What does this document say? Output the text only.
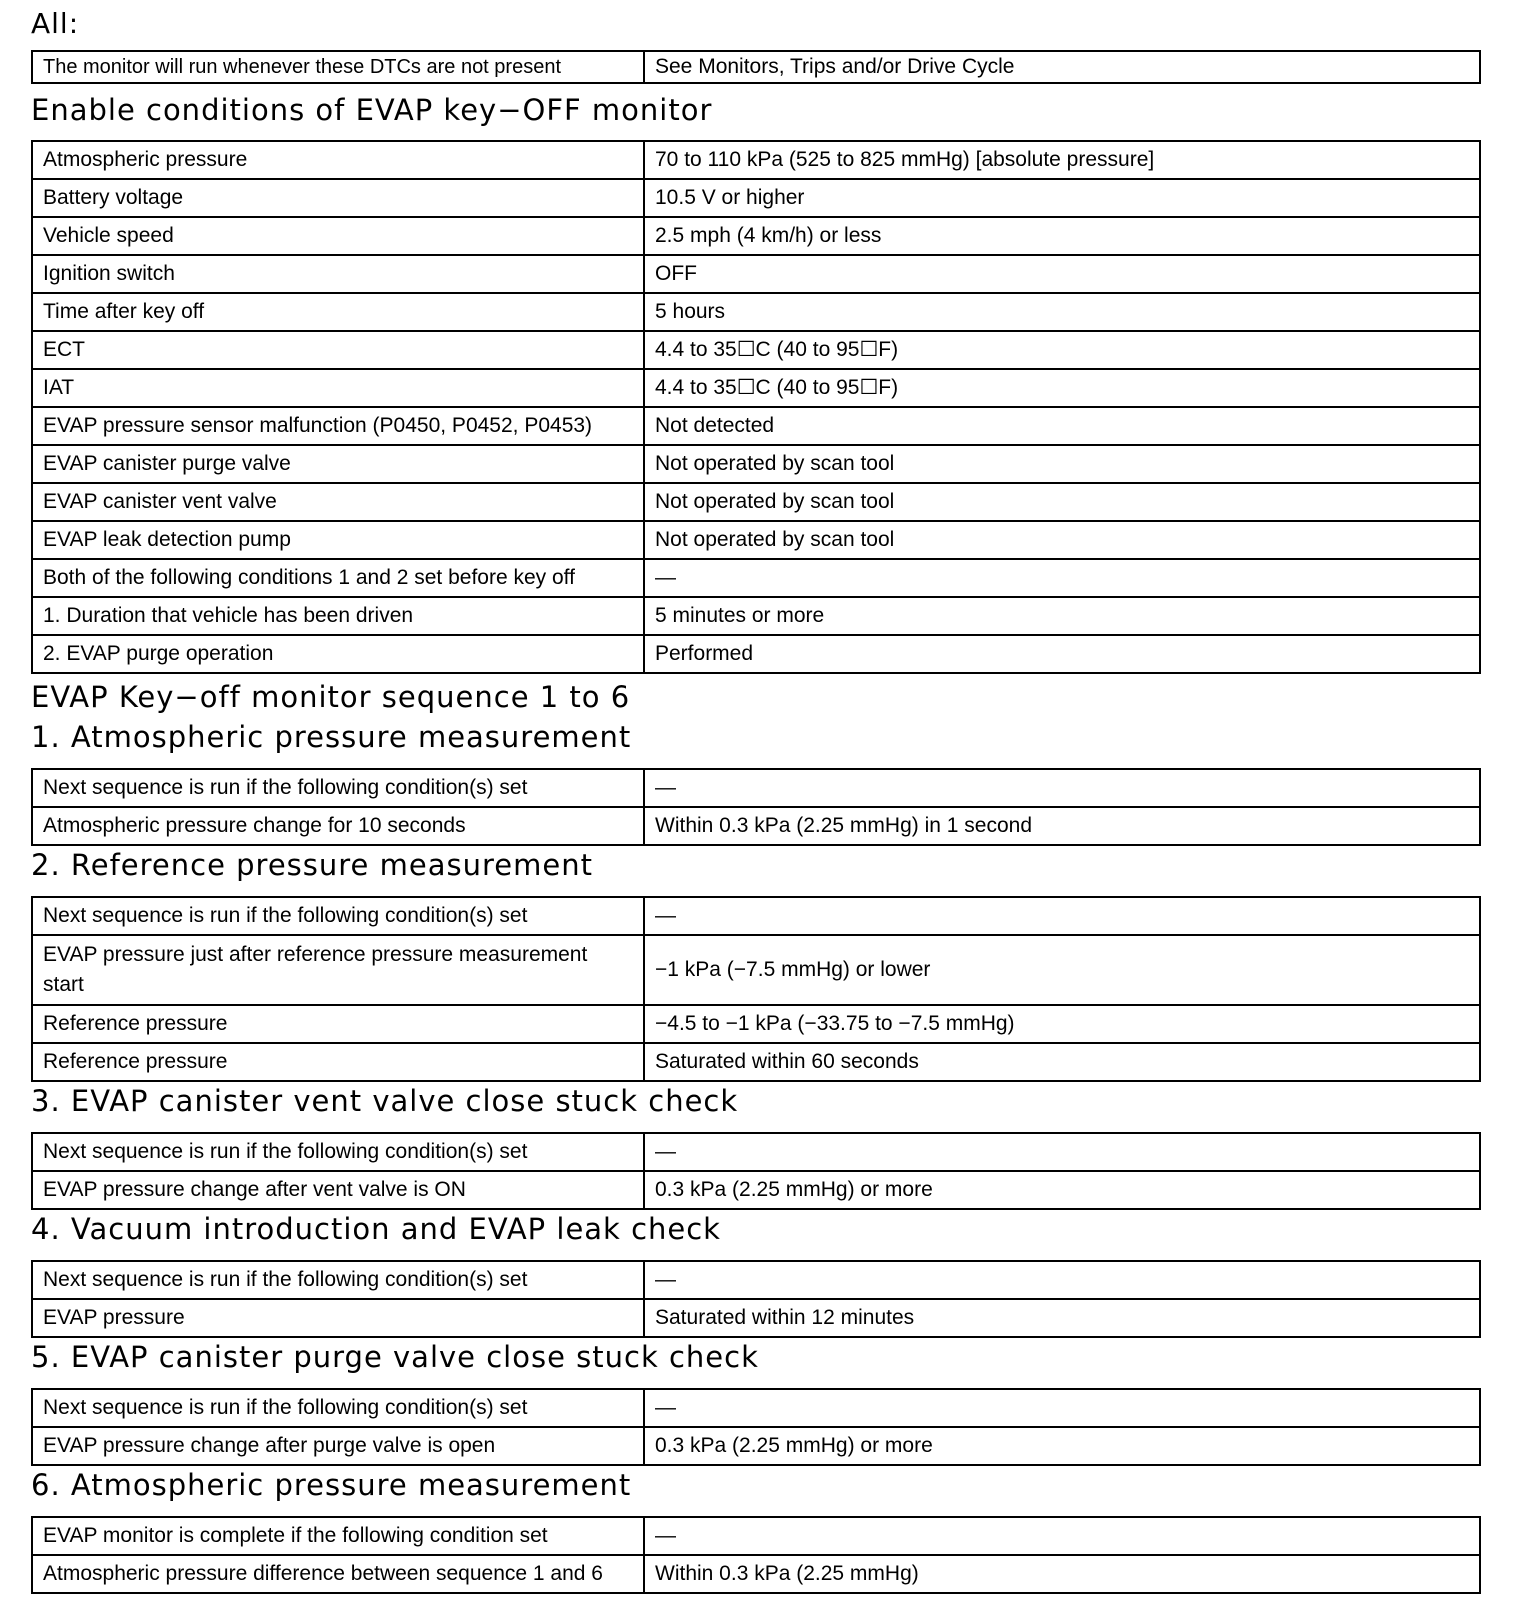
All:
The monitor will run whenever these DTCs are not present	See Monitors, Trips and/or Drive Cycle
Enable conditions of EVAP key−OFF monitor
Atmospheric pressure	70 to 110 kPa (525 to 825 mmHg) [absolute pressure]
Battery voltage	10.5 V or higher
Vehicle speed	2.5 mph (4 km/h) or less
Ignition switch	OFF
Time after key off	5 hours
ECT	4.4 to 35☐C (40 to 95☐F)
IAT	4.4 to 35☐C (40 to 95☐F)
EVAP pressure sensor malfunction (P0450, P0452, P0453)	Not detected
EVAP canister purge valve	Not operated by scan tool
EVAP canister vent valve	Not operated by scan tool
EVAP leak detection pump	Not operated by scan tool
Both of the following conditions 1 and 2 set before key off	—
1. Duration that vehicle has been driven	5 minutes or more
2. EVAP purge operation	Performed
EVAP Key−off monitor sequence 1 to 6
1. Atmospheric pressure measurement
Next sequence is run if the following condition(s) set	—
Atmospheric pressure change for 10 seconds	Within 0.3 kPa (2.25 mmHg) in 1 second
2. Reference pressure measurement
Next sequence is run if the following condition(s) set	—
EVAP pressure just after reference pressure measurement start	−1 kPa (−7.5 mmHg) or lower
Reference pressure	−4.5 to −1 kPa (−33.75 to −7.5 mmHg)
Reference pressure	Saturated within 60 seconds
3. EVAP canister vent valve close stuck check
Next sequence is run if the following condition(s) set	—
EVAP pressure change after vent valve is ON	0.3 kPa (2.25 mmHg) or more
4. Vacuum introduction and EVAP leak check
Next sequence is run if the following condition(s) set	—
EVAP pressure	Saturated within 12 minutes
5. EVAP canister purge valve close stuck check
Next sequence is run if the following condition(s) set	—
EVAP pressure change after purge valve is open	0.3 kPa (2.25 mmHg) or more
6. Atmospheric pressure measurement
EVAP monitor is complete if the following condition set	—
Atmospheric pressure difference between sequence 1 and 6	Within 0.3 kPa (2.25 mmHg)
